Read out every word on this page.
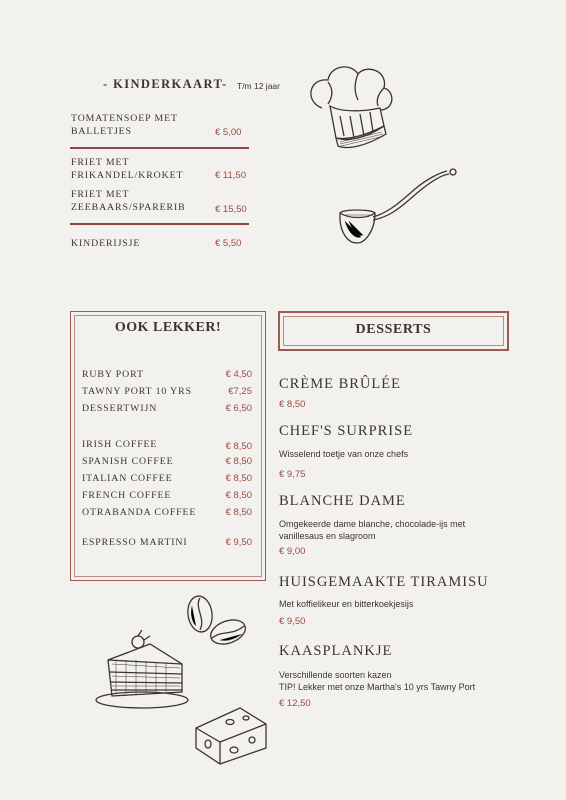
- KINDERKAART- T/m 12 jaar
TOMATENSOEP MET
BALLETJES	€ 5,00
FRIET MET
FRIKANDEL/KROKET	€ 11,50
FRIET MET
ZEEBAARS/SPARERIB	€ 15,50
KINDERIJSJE	€ 5,50
OOK LEKKER!
RUBY PORT	€ 4,50
TAWNY PORT 10 YRS	€7,25
DESSERTWIJN	€ 6,50
IRISH COFFEE	€ 8,50
SPANISH COFFEE	€ 8,50
ITALIAN COFFEE	€ 8,50
FRENCH COFFEE	€ 8,50
OTRABANDA COFFEE	€ 8,50
ESPRESSO MARTINI	€ 9,50
DESSERTS
CRÈME BRÛLÉE
€ 8,50
CHEF'S SURPRISE
Wisselend toetje van onze chefs
€ 9,75
BLANCHE DAME
Omgekeerde dame blanche, chocolade-ijs met
vanillesaus en slagroom
€ 9,00
HUISGEMAAKTE TIRAMISU
Met koffielikeur en bitterkoekjesijs
€ 9,50
KAASPLANKJE
Verschillende soorten kazen
TIP! Lekker met onze Martha's 10 yrs Tawny Port
€ 12,50
